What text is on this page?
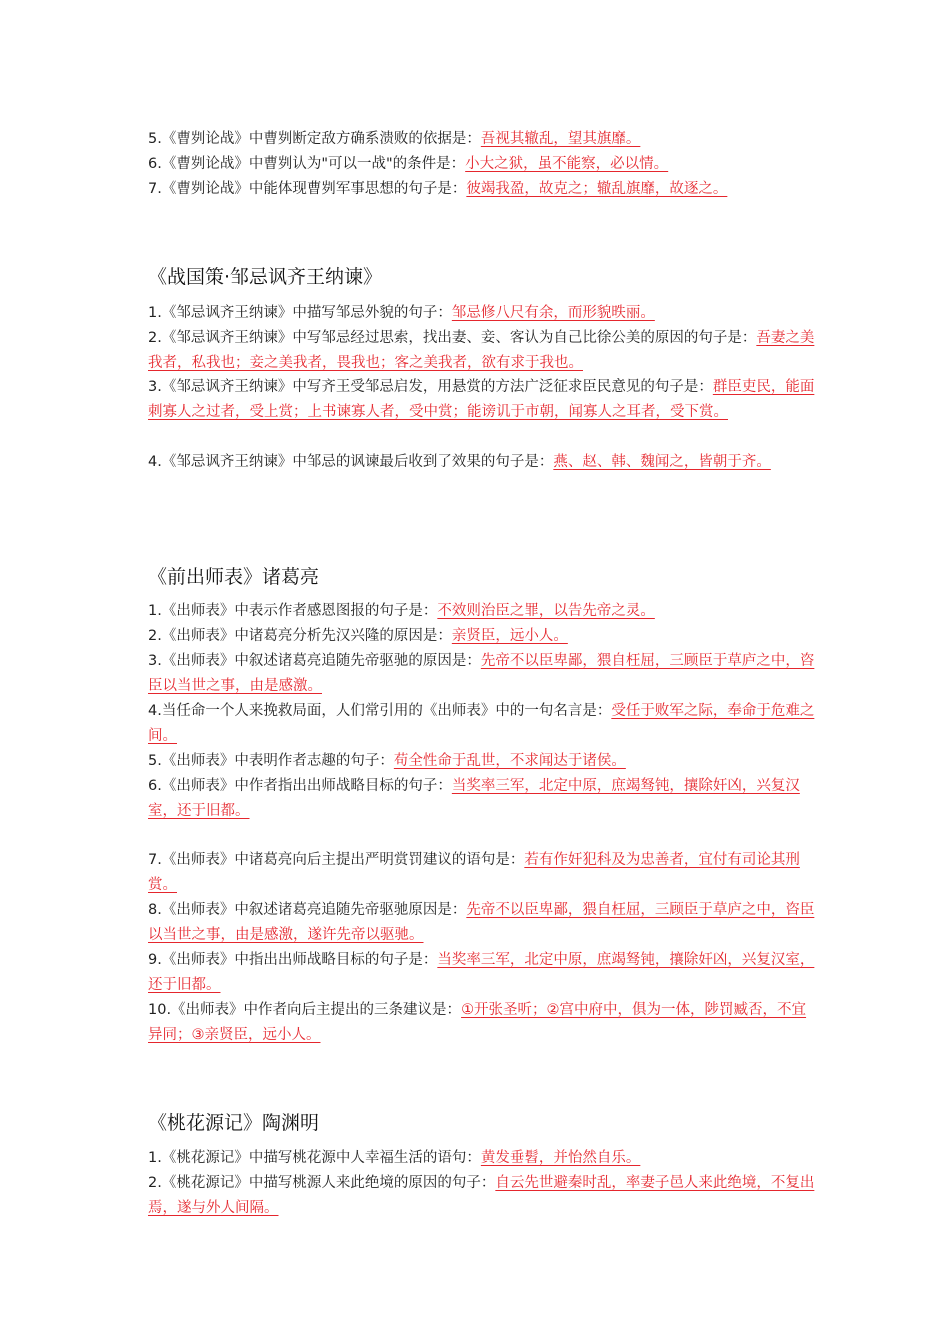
5.《曹刿论战》中曹刿断定敌方确系溃败的依据是：吾视其辙乱，望其旗靡。
6.《曹刿论战》中曹刿认为"可以一战"的条件是：小大之狱，虽不能察，必以情。
7.《曹刿论战》中能体现曹刿军事思想的句子是：彼竭我盈，故克之；辙乱旗靡，故逐之。
《战国策·邹忌讽齐王纳谏》
1.《邹忌讽齐王纳谏》中描写邹忌外貌的句子：邹忌修八尺有余，而形貌昳丽。
2.《邹忌讽齐王纳谏》中写邹忌经过思索，找出妻、妾、客认为自己比徐公美的原因的句子是：吾妻之美我者，私我也；妾之美我者，畏我也；客之美我者，欲有求于我也。
3.《邹忌讽齐王纳谏》中写齐王受邹忌启发，用悬赏的方法广泛征求臣民意见的句子是：群臣吏民，能面刺寡人之过者，受上赏；上书谏寡人者，受中赏；能谤讥于市朝，闻寡人之耳者，受下赏。
4.《邹忌讽齐王纳谏》中邹忌的讽谏最后收到了效果的句子是：燕、赵、韩、魏闻之，皆朝于齐。
《前出师表》诸葛亮
1.《出师表》中表示作者感恩图报的句子是：不效则治臣之罪，以告先帝之灵。
2.《出师表》中诸葛亮分析先汉兴隆的原因是：亲贤臣，远小人。
3.《出师表》中叙述诸葛亮追随先帝驱驰的原因是：先帝不以臣卑鄙，猥自枉屈，三顾臣于草庐之中，咨臣以当世之事，由是感激。
4.当任命一个人来挽救局面，人们常引用的《出师表》中的一句名言是：受任于败军之际，奉命于危难之间。
5.《出师表》中表明作者志趣的句子：苟全性命于乱世，不求闻达于诸侯。
6.《出师表》中作者指出出师战略目标的句子：当奖率三军，北定中原，庶竭驽钝，攘除奸凶，兴复汉室，还于旧都。
7.《出师表》中诸葛亮向后主提出严明赏罚建议的语句是：若有作奸犯科及为忠善者，宜付有司论其刑赏。
8.《出师表》中叙述诸葛亮追随先帝驱驰原因是：先帝不以臣卑鄙，猥自枉屈，三顾臣于草庐之中，咨臣以当世之事，由是感激，遂许先帝以驱驰。
9.《出师表》中指出出师战略目标的句子是：当奖率三军，北定中原，庶竭驽钝，攘除奸凶，兴复汉室，还于旧都。
10.《出师表》中作者向后主提出的三条建议是：①开张圣听；②宫中府中，俱为一体，陟罚臧否，不宜异同；③亲贤臣，远小人。
《桃花源记》陶渊明
1.《桃花源记》中描写桃花源中人幸福生活的语句：黄发垂髫，并怡然自乐。
2.《桃花源记》中描写桃源人来此绝境的原因的句子：自云先世避秦时乱，率妻子邑人来此绝境，不复出焉，遂与外人间隔。
